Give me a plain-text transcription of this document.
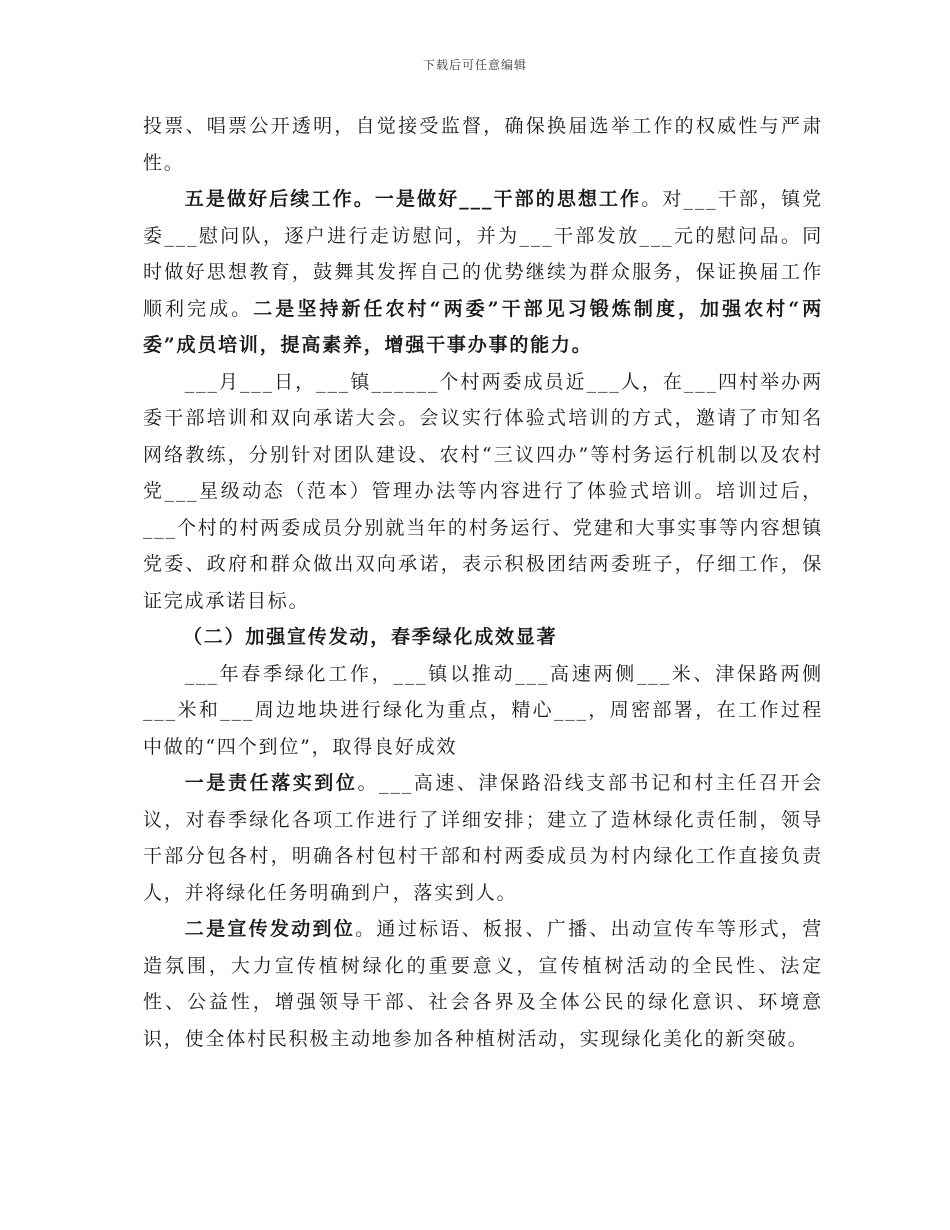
下载后可任意编辑

投票、唱票公开透明，自觉接受监督，确保换届选举工作的权威性与严肃性。

五是做好后续工作。一是做好___干部的思想工作。对___干部，镇党委___慰问队，逐户进行走访慰问，并为___干部发放___元的慰问品。同时做好思想教育，鼓舞其发挥自己的优势继续为群众服务，保证换届工作顺利完成。二是坚持新任农村“两委”干部见习锻炼制度，加强农村“两委”成员培训，提高素养，增强干事办事的能力。

___月___日，___镇______个村两委成员近___人，在___四村举办两委干部培训和双向承诺大会。会议实行体验式培训的方式，邀请了市知名网络教练，分别针对团队建设、农村“三议四办”等村务运行机制以及农村党___星级动态（范本）管理办法等内容进行了体验式培训。培训过后，___个村的村两委成员分别就当年的村务运行、党建和大事实事等内容想镇党委、政府和群众做出双向承诺，表示积极团结两委班子，仔细工作，保证完成承诺目标。

（二）加强宣传发动，春季绿化成效显著

___年春季绿化工作，___镇以推动___高速两侧___米、津保路两侧___米和___周边地块进行绿化为重点，精心___，周密部署，在工作过程中做的“四个到位”，取得良好成效

一是责任落实到位。___高速、津保路沿线支部书记和村主任召开会议，对春季绿化各项工作进行了详细安排；建立了造林绿化责任制，领导干部分包各村，明确各村包村干部和村两委成员为村内绿化工作直接负责人，并将绿化任务明确到户，落实到人。

二是宣传发动到位。通过标语、板报、广播、出动宣传车等形式，营造氛围，大力宣传植树绿化的重要意义，宣传植树活动的全民性、法定性、公益性，增强领导干部、社会各界及全体公民的绿化意识、环境意识，使全体村民积极主动地参加各种植树活动，实现绿化美化的新突破。
